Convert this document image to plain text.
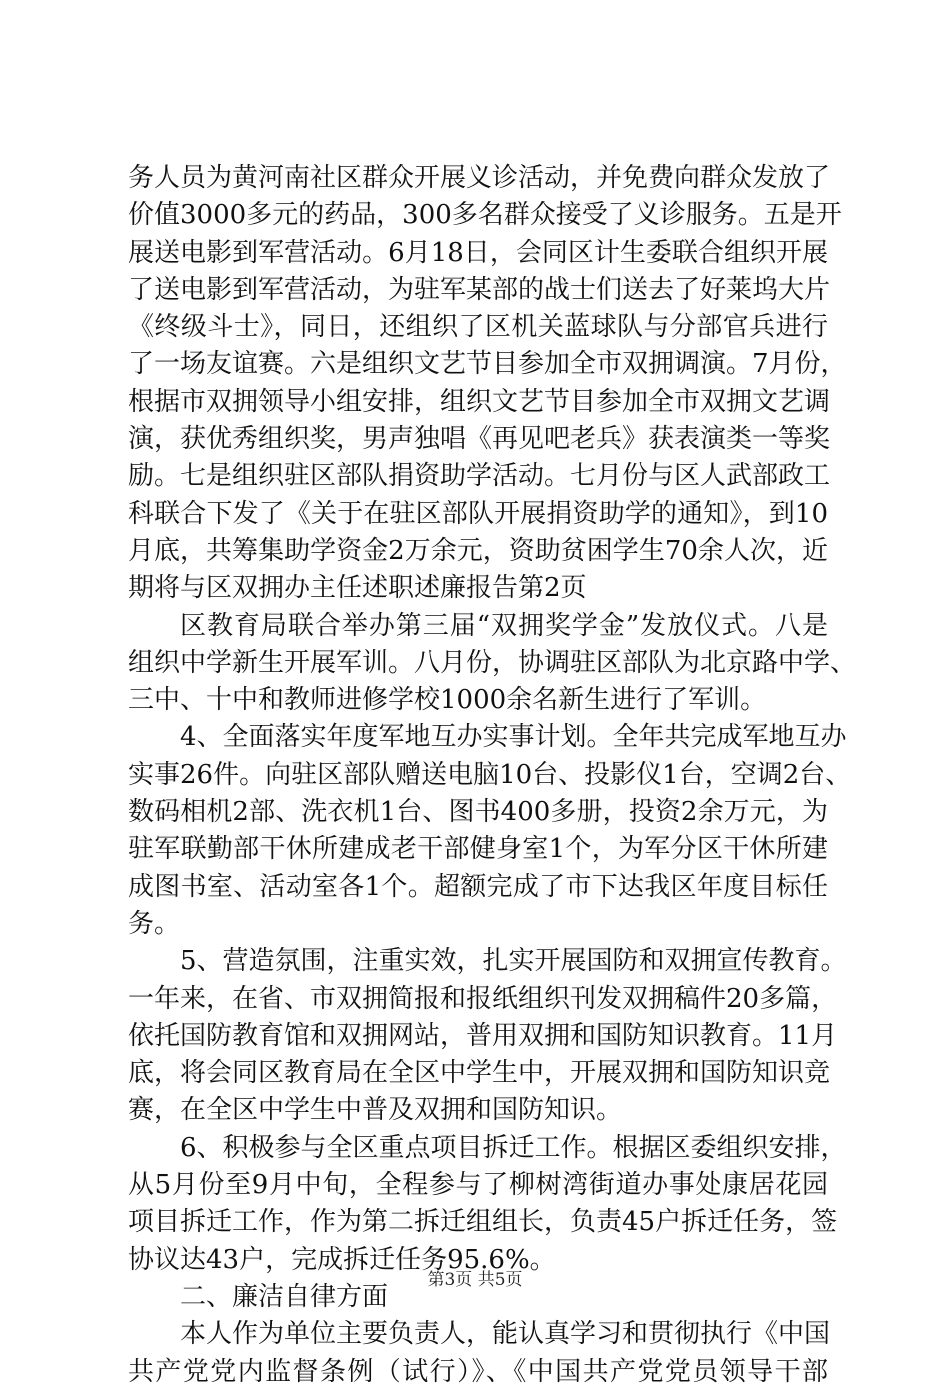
务人员为黄河南社区群众开展义诊活动，并免费向群众发放了
价值3000多元的药品，300多名群众接受了义诊服务。五是开
展送电影到军营活动。6月18日，会同区计生委联合组织开展
了送电影到军营活动，为驻军某部的战士们送去了好莱坞大片
《终级斗士》，同日，还组织了区机关蓝球队与分部官兵进行
了一场友谊赛。六是组织文艺节目参加全市双拥调演。7月份，
根据市双拥领导小组安排，组织文艺节目参加全市双拥文艺调
演，获优秀组织奖，男声独唱《再见吧老兵》获表演类一等奖
励。七是组织驻区部队捐资助学活动。七月份与区人武部政工
科联合下发了《关于在驻区部队开展捐资助学的通知》，到10
月底，共筹集助学资金2万余元，资助贫困学生70余人次，近
期将与区双拥办主任述职述廉报告第2页
区教育局联合举办第三届“双拥奖学金”发放仪式。八是
组织中学新生开展军训。八月份，协调驻区部队为北京路中学、
三中、十中和教师进修学校1000余名新生进行了军训。
4、全面落实年度军地互办实事计划。全年共完成军地互办
实事26件。向驻区部队赠送电脑10台、投影仪1台，空调2台、
数码相机2部、洗衣机1台、图书400多册，投资2余万元，为
驻军联勤部干休所建成老干部健身室1个，为军分区干休所建
成图书室、活动室各1个。超额完成了市下达我区年度目标任
务。
5、营造氛围，注重实效，扎实开展国防和双拥宣传教育。
一年来，在省、市双拥简报和报纸组织刊发双拥稿件20多篇，
依托国防教育馆和双拥网站，普用双拥和国防知识教育。11月
底，将会同区教育局在全区中学生中，开展双拥和国防知识竞
赛，在全区中学生中普及双拥和国防知识。
6、积极参与全区重点项目拆迁工作。根据区委组织安排，
从5月份至9月中旬，全程参与了柳树湾街道办事处康居花园
项目拆迁工作，作为第二拆迁组组长，负责45户拆迁任务，签
协议达43户，完成拆迁任务95.6%。
二、廉洁自律方面
本人作为单位主要负责人，能认真学习和贯彻执行《中国
共产党党内监督条例（试行）》、《中国共产党党员领导干部
第3页 共5页
